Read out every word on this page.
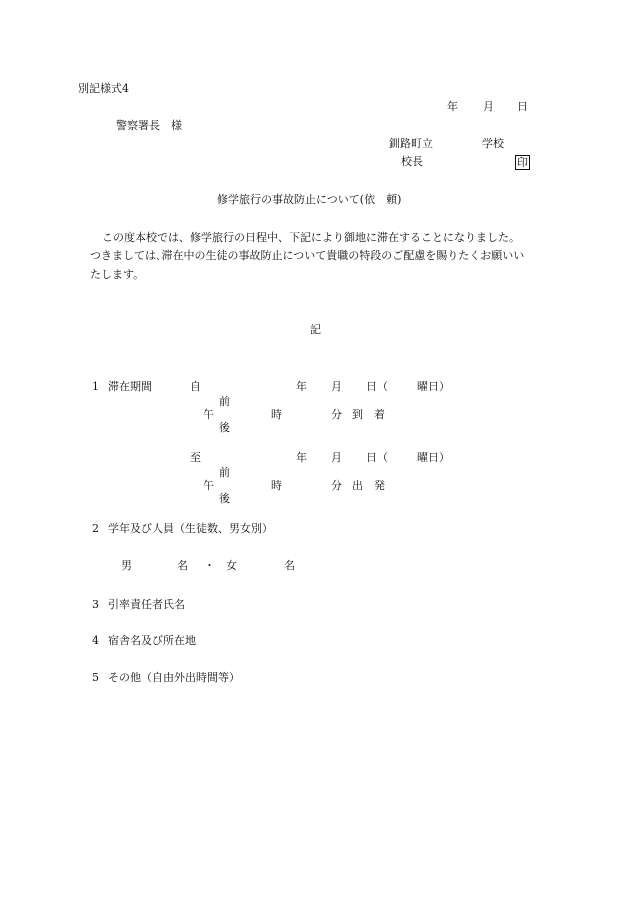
別記様式4
年 月 日
警察署長　様
釧路町立	学校
校長	印
修学旅行の事故防止について(依　頼)
この度本校では、修学旅行の日程中、下記により御地に滞在することになりました。
つきましては､滞在中の生徒の事故防止について貴職の特段のご配慮を賜りたくお願いい
たします。
記
1 滞在期間	自	年 月 日（	曜日）
前
午	時	分 到　着
後
至	年 月 日（	曜日）
前
午	時	分 出　発
後
2 学年及び人員（生徒数、男女別）
男	名 ・ 女	名
3 引率責任者氏名
4 宿舎名及び所在地
5 その他（自由外出時間等）
